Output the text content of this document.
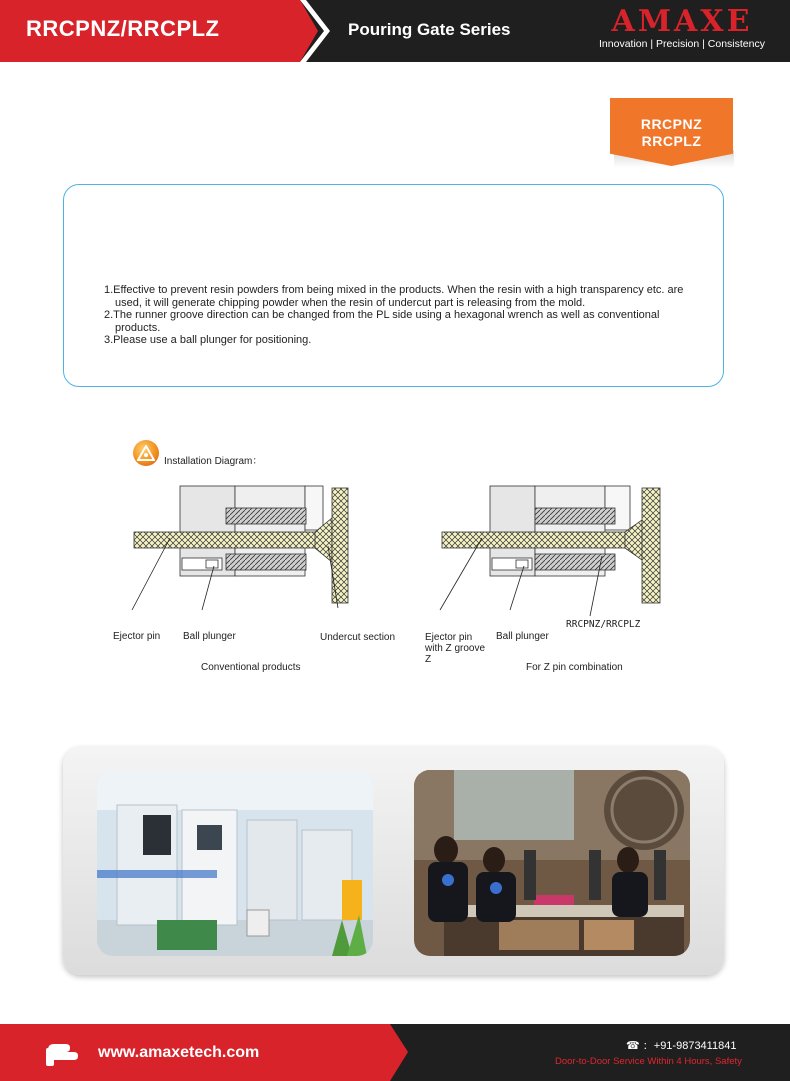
RRCPNZ/RRCPLZ	Pouring Gate Series	AMAXE
Innovation | Precision | Consistency
RRCPNZ
RRCPLZ
1.Effective to prevent resin powders from being mixed in the products. When the resin with a high transparency etc. are used, it will generate chipping powder when the resin of undercut part is releasing from the mold.
2.The runner groove direction can be changed from the PL side using a hexagonal wrench as well as conventional products.
3.Please use a ball plunger for positioning.
Installation Diagram：
Ejector pin Ball plunger	Undercut section
Conventional products
Ejector pin with Z groove Z
Ball plunger
RRCPNZ/RRCPLZ
For Z pin combination
www.amaxetech.com	☎ ：+91-9873411841
Door-to-Door Service Within 4 Hours, Safety
